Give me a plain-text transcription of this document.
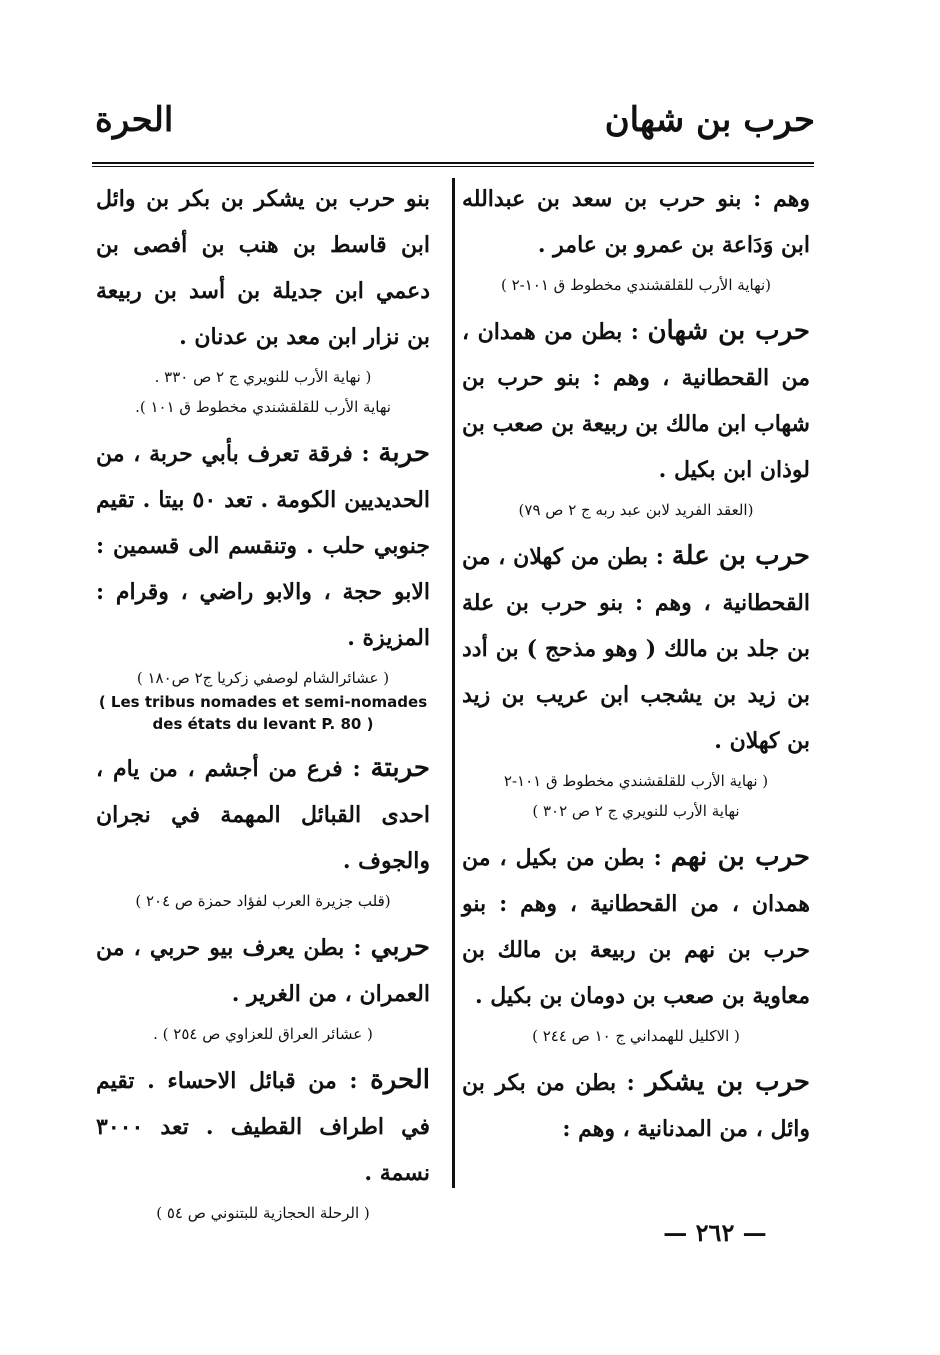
حرب بن شهان
الحرة

وهم : بنو حرب بن سعد بن عبدالله ابن وَدَاعة بن عمرو بن عامر .

(نهاية الأرب للقلقشندي مخطوط ق ١٠١-٢ )

حرب بن شهان : بطن من همدان ، من القحطانية ، وهم : بنو حرب بن شهاب ابن مالك بن ربيعة بن صعب بن لوذان ابن بكيل .

(العقد الفريد لابن عبد ربه ج ٢ ص ٧٩)

حرب بن علة : بطن من كهلان ، من القحطانية ، وهم : بنو حرب بن علة بن جلد بن مالك ( وهو مذحج ) بن أدد بن زيد بن يشجب ابن عريب بن زيد بن كهلان .

( نهاية الأرب للقلقشندي مخطوط ق ١٠١-٢
نهاية الأرب للنويري ج ٢ ص ٣٠٢ )

حرب بن نهم : بطن من بكيل ، من همدان ، من القحطانية ، وهم : بنو حرب بن نهم بن ربيعة بن مالك بن معاوية بن صعب بن دومان بن بكيل .

( الاكليل للهمداني ج ١٠ ص ٢٤٤ )

حرب بن يشكر : بطن من بكر بن وائل ، من المدنانية ، وهم :

بنو حرب بن يشكر بن بكر بن وائل ابن قاسط بن هنب بن أفصى بن دعمي ابن جديلة بن أسد بن ربيعة بن نزار ابن معد بن عدنان .

( نهاية الأرب للنويري ج ٢ ص ٣٣٠ .
نهاية الأرب للقلقشندي مخطوط ق ١٠١ ).

حربة : فرقة تعرف بأبي حربة ، من الحديديين الكومة . تعد ٥٠ بيتا . تقيم جنوبي حلب . وتنقسم الى قسمين : الابو حجة ، والابو راضي ، وقرام : المزيزة .

( عشائرالشام لوصفي زكريا ج٢ ص١٨٠ )
( Les tribus nomades et semi-nomades des états du levant P. 80 )

حربتة : فرع من أجشم ، من يام ، احدى القبائل المهمة في نجران والجوف .

(قلب جزيرة العرب لفؤاد حمزة ص ٢٠٤ )

حربي : بطن يعرف بيو حربي ، من العمران ، من الغرير .

( عشائر العراق للعزاوي ص ٢٥٤ ) .

الحرة : من قبائل الاحساء . تقيم في اطراف القطيف . تعد ٣٠٠٠ نسمة .

( الرحلة الحجازية للبتنوني ص ٥٤ )
— ٢٦٢ —
